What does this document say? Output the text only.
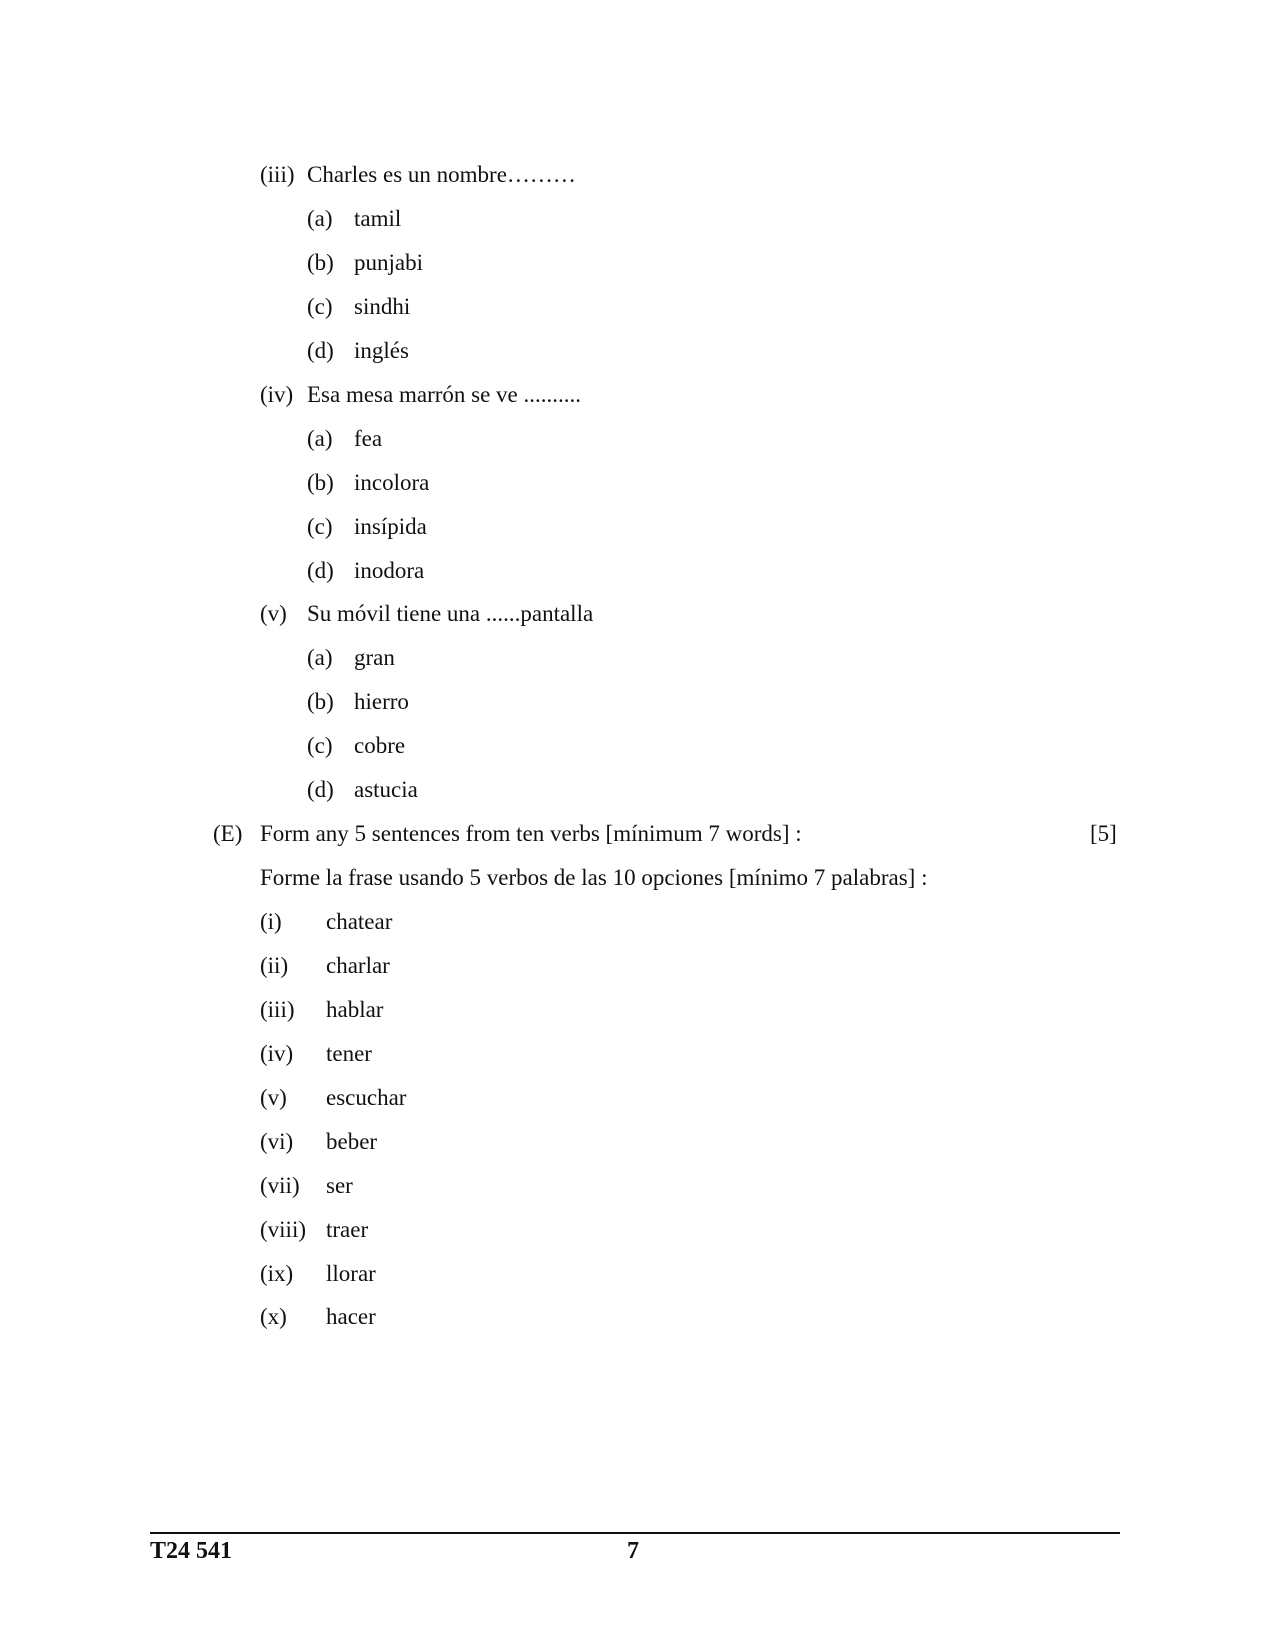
(iii) Charles es un nombre………
(a) tamil
(b) punjabi
(c) sindhi
(d) inglés
(iv) Esa mesa marrón se ve ..........
(a) fea
(b) incolora
(c) insípida
(d) inodora
(v) Su móvil tiene una ......pantalla
(a) gran
(b) hierro
(c) cobre
(d) astucia
(E) Form any 5 sentences from ten verbs [mínimum 7 words] :	[5]
Forme la frase usando 5 verbos de las 10 opciones [mínimo 7 palabras] :
(i) chatear
(ii) charlar
(iii) hablar
(iv) tener
(v) escuchar
(vi) beber
(vii) ser
(viii) traer
(ix) llorar
(x) hacer
T24 541	7
